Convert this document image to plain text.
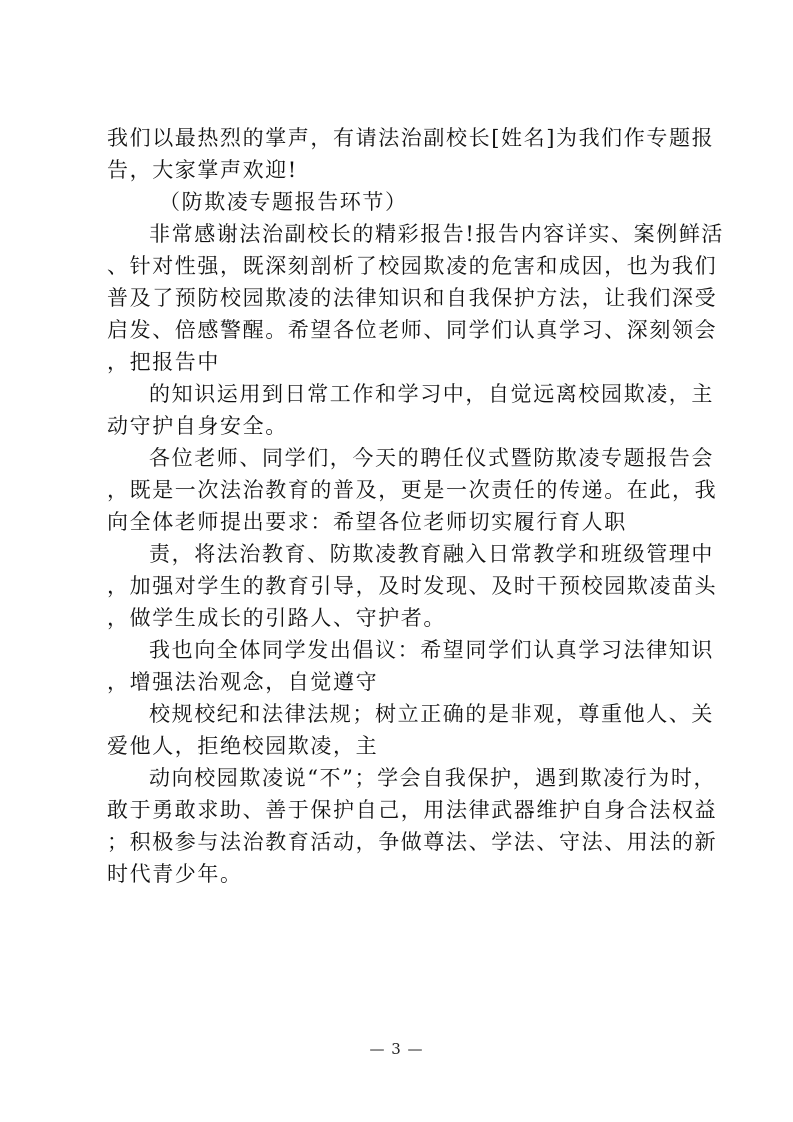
我们以最热烈的掌声，有请法治副校长[姓名]为我们作专题报
告，大家掌声欢迎!
（防欺凌专题报告环节）
非常感谢法治副校长的精彩报告!报告内容详实、案例鲜活
、针对性强，既深刻剖析了校园欺凌的危害和成因，也为我们
普及了预防校园欺凌的法律知识和自我保护方法，让我们深受
启发、倍感警醒。希望各位老师、同学们认真学习、深刻领会
，把报告中
的知识运用到日常工作和学习中，自觉远离校园欺凌，主
动守护自身安全。
各位老师、同学们，今天的聘任仪式暨防欺凌专题报告会
，既是一次法治教育的普及，更是一次责任的传递。在此，我
向全体老师提出要求：希望各位老师切实履行育人职
责，将法治教育、防欺凌教育融入日常教学和班级管理中
，加强对学生的教育引导，及时发现、及时干预校园欺凌苗头
，做学生成长的引路人、守护者。
我也向全体同学发出倡议：希望同学们认真学习法律知识
，增强法治观念，自觉遵守
校规校纪和法律法规；树立正确的是非观，尊重他人、关
爱他人，拒绝校园欺凌，主
动向校园欺凌说“不”；学会自我保护，遇到欺凌行为时，
敢于勇敢求助、善于保护自己，用法律武器维护自身合法权益
；积极参与法治教育活动，争做尊法、学法、守法、用法的新
时代青少年。
— 3 —
